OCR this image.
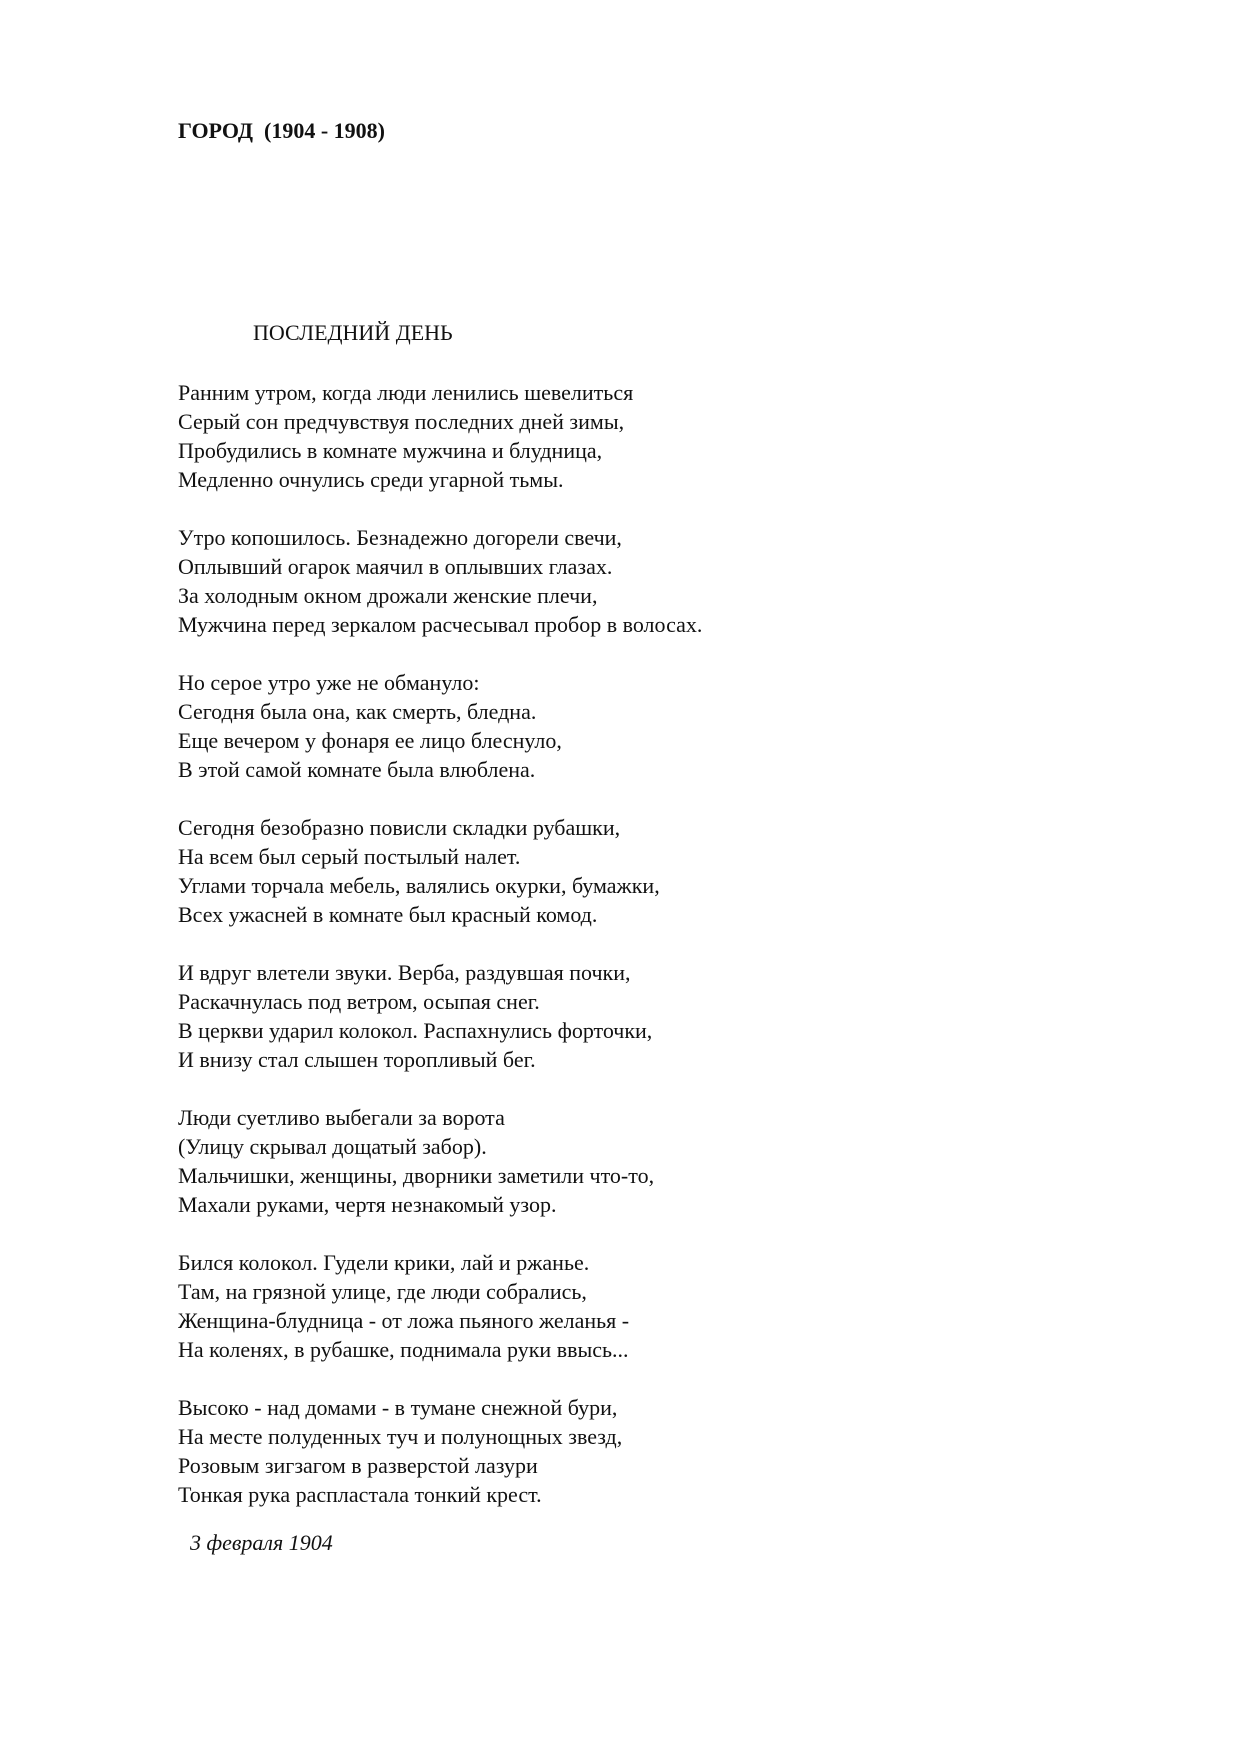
ГОРОД  (1904 - 1908)
ПОСЛЕДНИЙ ДЕНЬ
Ранним утром, когда люди ленились шевелиться
Серый сон предчувствуя последних дней зимы,
Пробудились в комнате мужчина и блудница,
Медленно очнулись среди угарной тьмы.
Утро копошилось. Безнадежно догорели свечи,
Оплывший огарок маячил в оплывших глазах.
За холодным окном дрожали женские плечи,
Мужчина перед зеркалом расчесывал пробор в волосах.
Но серое утро уже не обмануло:
Сегодня была она, как смерть, бледна.
Еще вечером у фонаря ее лицо блеснуло,
В этой самой комнате была влюблена.
Сегодня безобразно повисли складки рубашки,
На всем был серый постылый налет.
Углами торчала мебель, валялись окурки, бумажки,
Всех ужасней в комнате был красный комод.
И вдруг влетели звуки. Верба, раздувшая почки,
Раскачнулась под ветром, осыпая снег.
В церкви ударил колокол. Распахнулись форточки,
И внизу стал слышен торопливый бег.
Люди суетливо выбегали за ворота
(Улицу скрывал дощатый забор).
Мальчишки, женщины, дворники заметили что-то,
Махали руками, чертя незнакомый узор.
Бился колокол. Гудели крики, лай и ржанье.
Там, на грязной улице, где люди собрались,
Женщина-блудница - от ложа пьяного желанья -
На коленях, в рубашке, поднимала руки ввысь...
Высоко - над домами - в тумане снежной бури,
На месте полуденных туч и полунощных звезд,
Розовым зигзагом в разверстой лазури
Тонкая рука распластала тонкий крест.

3 февраля 1904
